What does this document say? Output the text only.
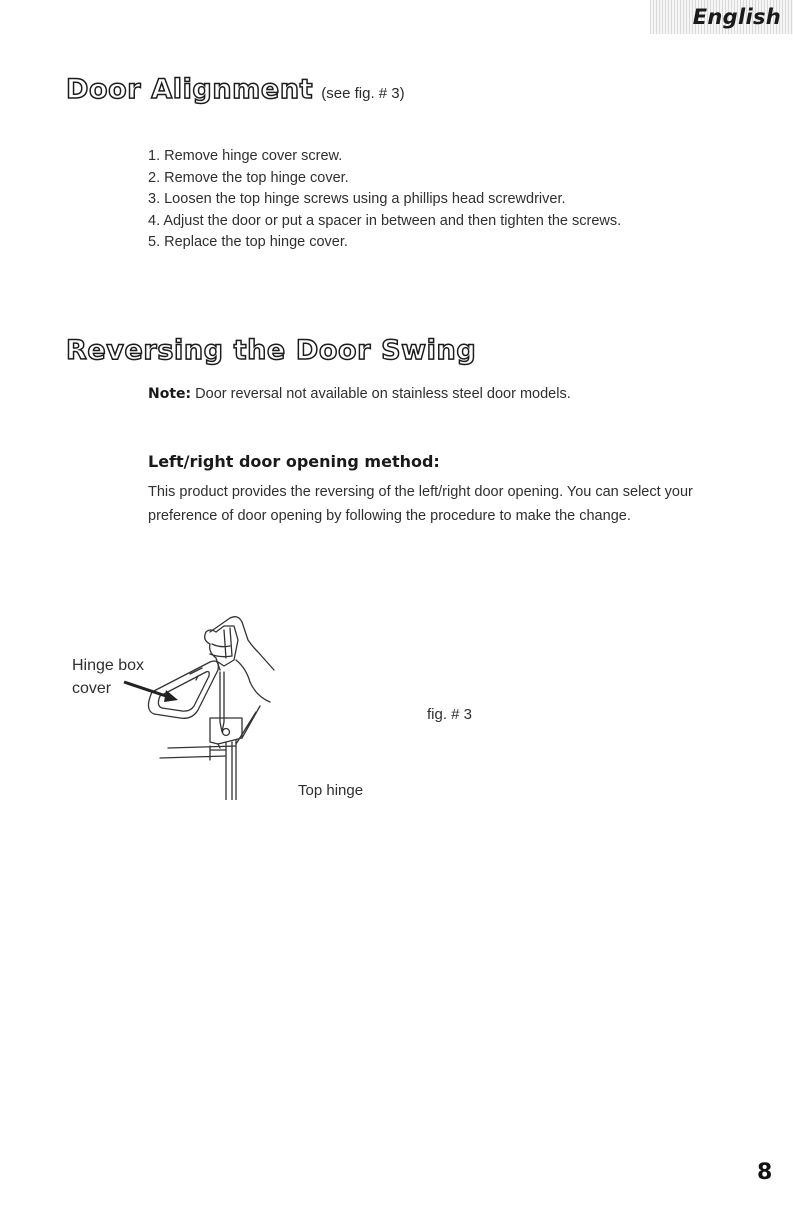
English
Door Alignment (see fig. # 3)
1. Remove hinge cover screw.
2. Remove the top hinge cover.
3. Loosen the top hinge screws using a phillips head screwdriver.
4. Adjust the door or put a spacer in between and then tighten the screws.
5. Replace the top hinge cover.
Reversing the Door Swing
Note: Door reversal not available on stainless steel door models.
Left/right door opening method:

This product provides the reversing of the left/right door opening. You can select your preference of door opening by following the procedure to make the change.

Hinge box
cover
fig. # 3
Top hinge
8
